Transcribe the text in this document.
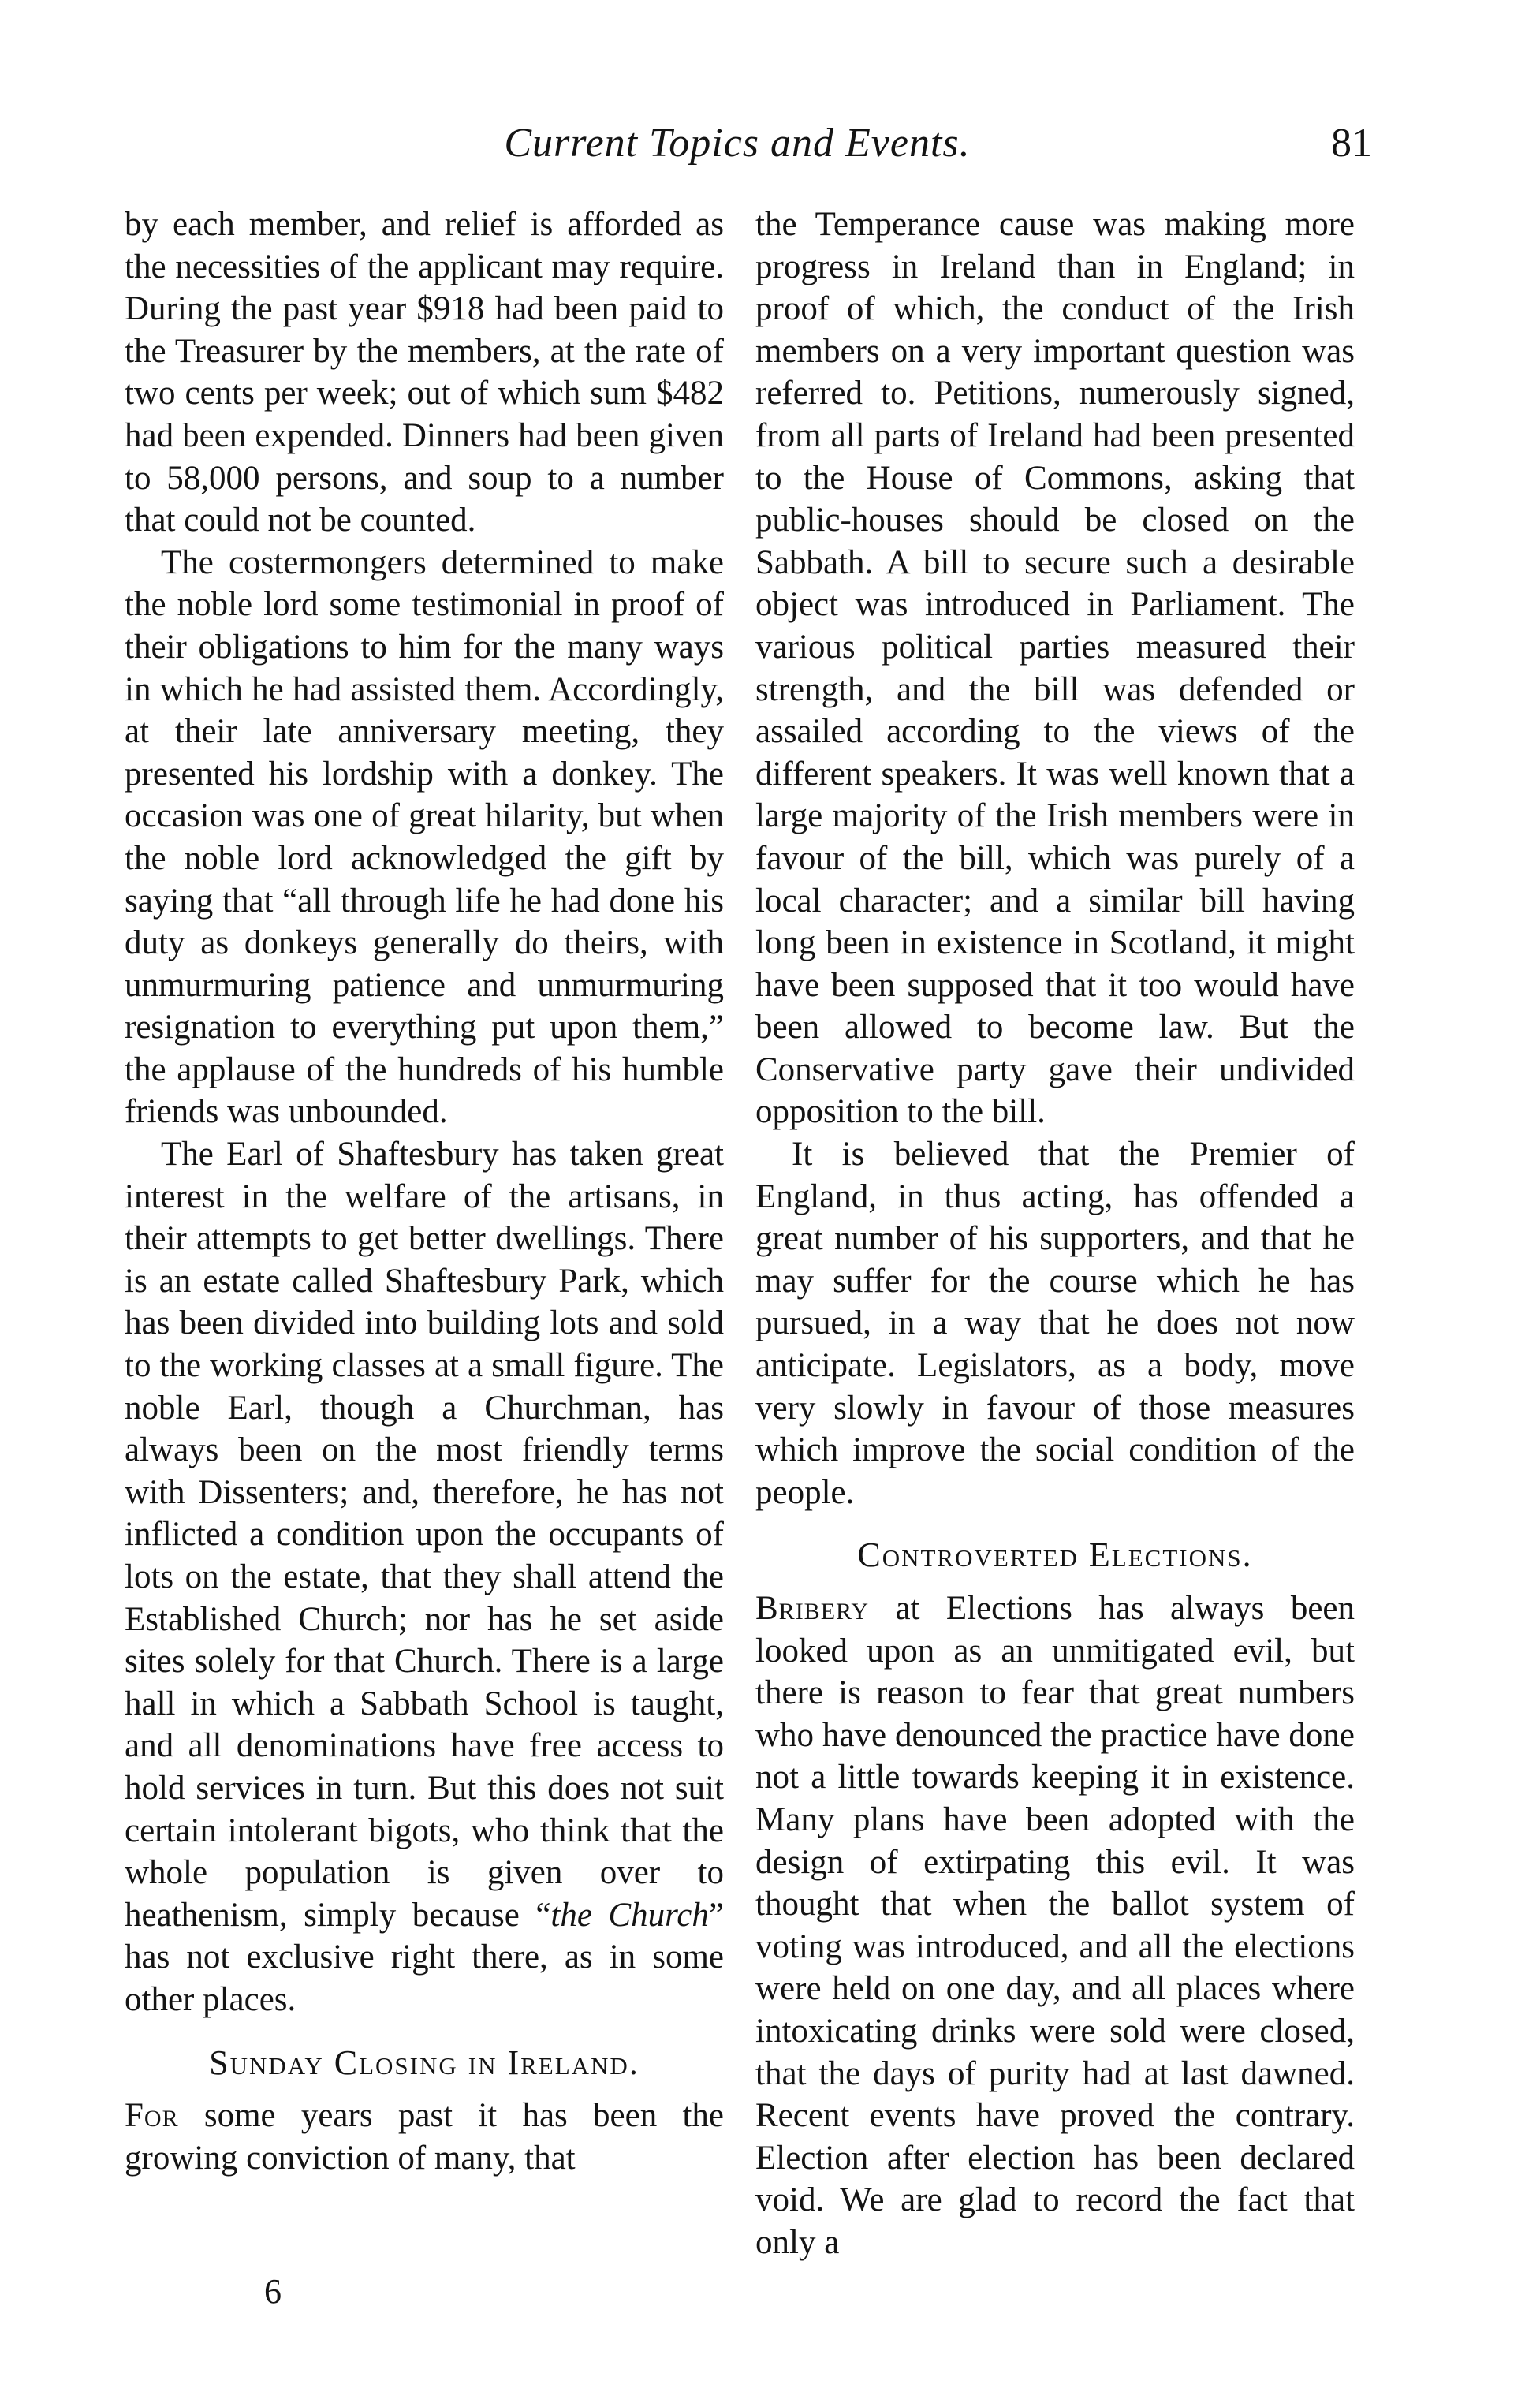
Current Topics and Events.	81

by each member, and relief is afforded as the necessities of the applicant may require. During the past year $918 had been paid to the Treasurer by the members, at the rate of two cents per week; out of which sum $482 had been expended. Dinners had been given to 58,000 persons, and soup to a number that could not be counted.

The costermongers determined to make the noble lord some testimonial in proof of their obligations to him for the many ways in which he had assisted them. Accordingly, at their late anniversary meeting, they presented his lordship with a donkey. The occasion was one of great hilarity, but when the noble lord acknowledged the gift by saying that “all through life he had done his duty as donkeys generally do theirs, with unmurmuring patience and unmurmuring resignation to everything put upon them,” the applause of the hundreds of his humble friends was unbounded.

The Earl of Shaftesbury has taken great interest in the welfare of the artisans, in their attempts to get better dwellings. There is an estate called Shaftesbury Park, which has been divided into building lots and sold to the working classes at a small figure. The noble Earl, though a Churchman, has always been on the most friendly terms with Dissenters; and, therefore, he has not inflicted a condition upon the occupants of lots on the estate, that they shall attend the Established Church; nor has he set aside sites solely for that Church. There is a large hall in which a Sabbath School is taught, and all denominations have free access to hold services in turn. But this does not suit certain intolerant bigots, who think that the whole population is given over to heathenism, simply because “the Church” has not exclusive right there, as in some other places.

Sunday Closing in Ireland.

For some years past it has been the growing conviction of many, that

the Temperance cause was making more progress in Ireland than in England; in proof of which, the conduct of the Irish members on a very important question was referred to. Petitions, numerously signed, from all parts of Ireland had been presented to the House of Commons, asking that public-houses should be closed on the Sabbath. A bill to secure such a desirable object was introduced in Parliament. The various political parties measured their strength, and the bill was defended or assailed according to the views of the different speakers. It was well known that a large majority of the Irish members were in favour of the bill, which was purely of a local character; and a similar bill having long been in existence in Scotland, it might have been supposed that it too would have been allowed to become law. But the Conservative party gave their undivided opposition to the bill.

It is believed that the Premier of England, in thus acting, has offended a great number of his supporters, and that he may suffer for the course which he has pursued, in a way that he does not now anticipate. Legislators, as a body, move very slowly in favour of those measures which improve the social condition of the people.

Controverted Elections.

Bribery at Elections has always been looked upon as an unmitigated evil, but there is reason to fear that great numbers who have denounced the practice have done not a little towards keeping it in existence. Many plans have been adopted with the design of extirpating this evil. It was thought that when the ballot system of voting was introduced, and all the elections were held on one day, and all places where intoxicating drinks were sold were closed, that the days of purity had at last dawned. Recent events have proved the contrary. Election after election has been declared void. We are glad to record the fact that only a

6
